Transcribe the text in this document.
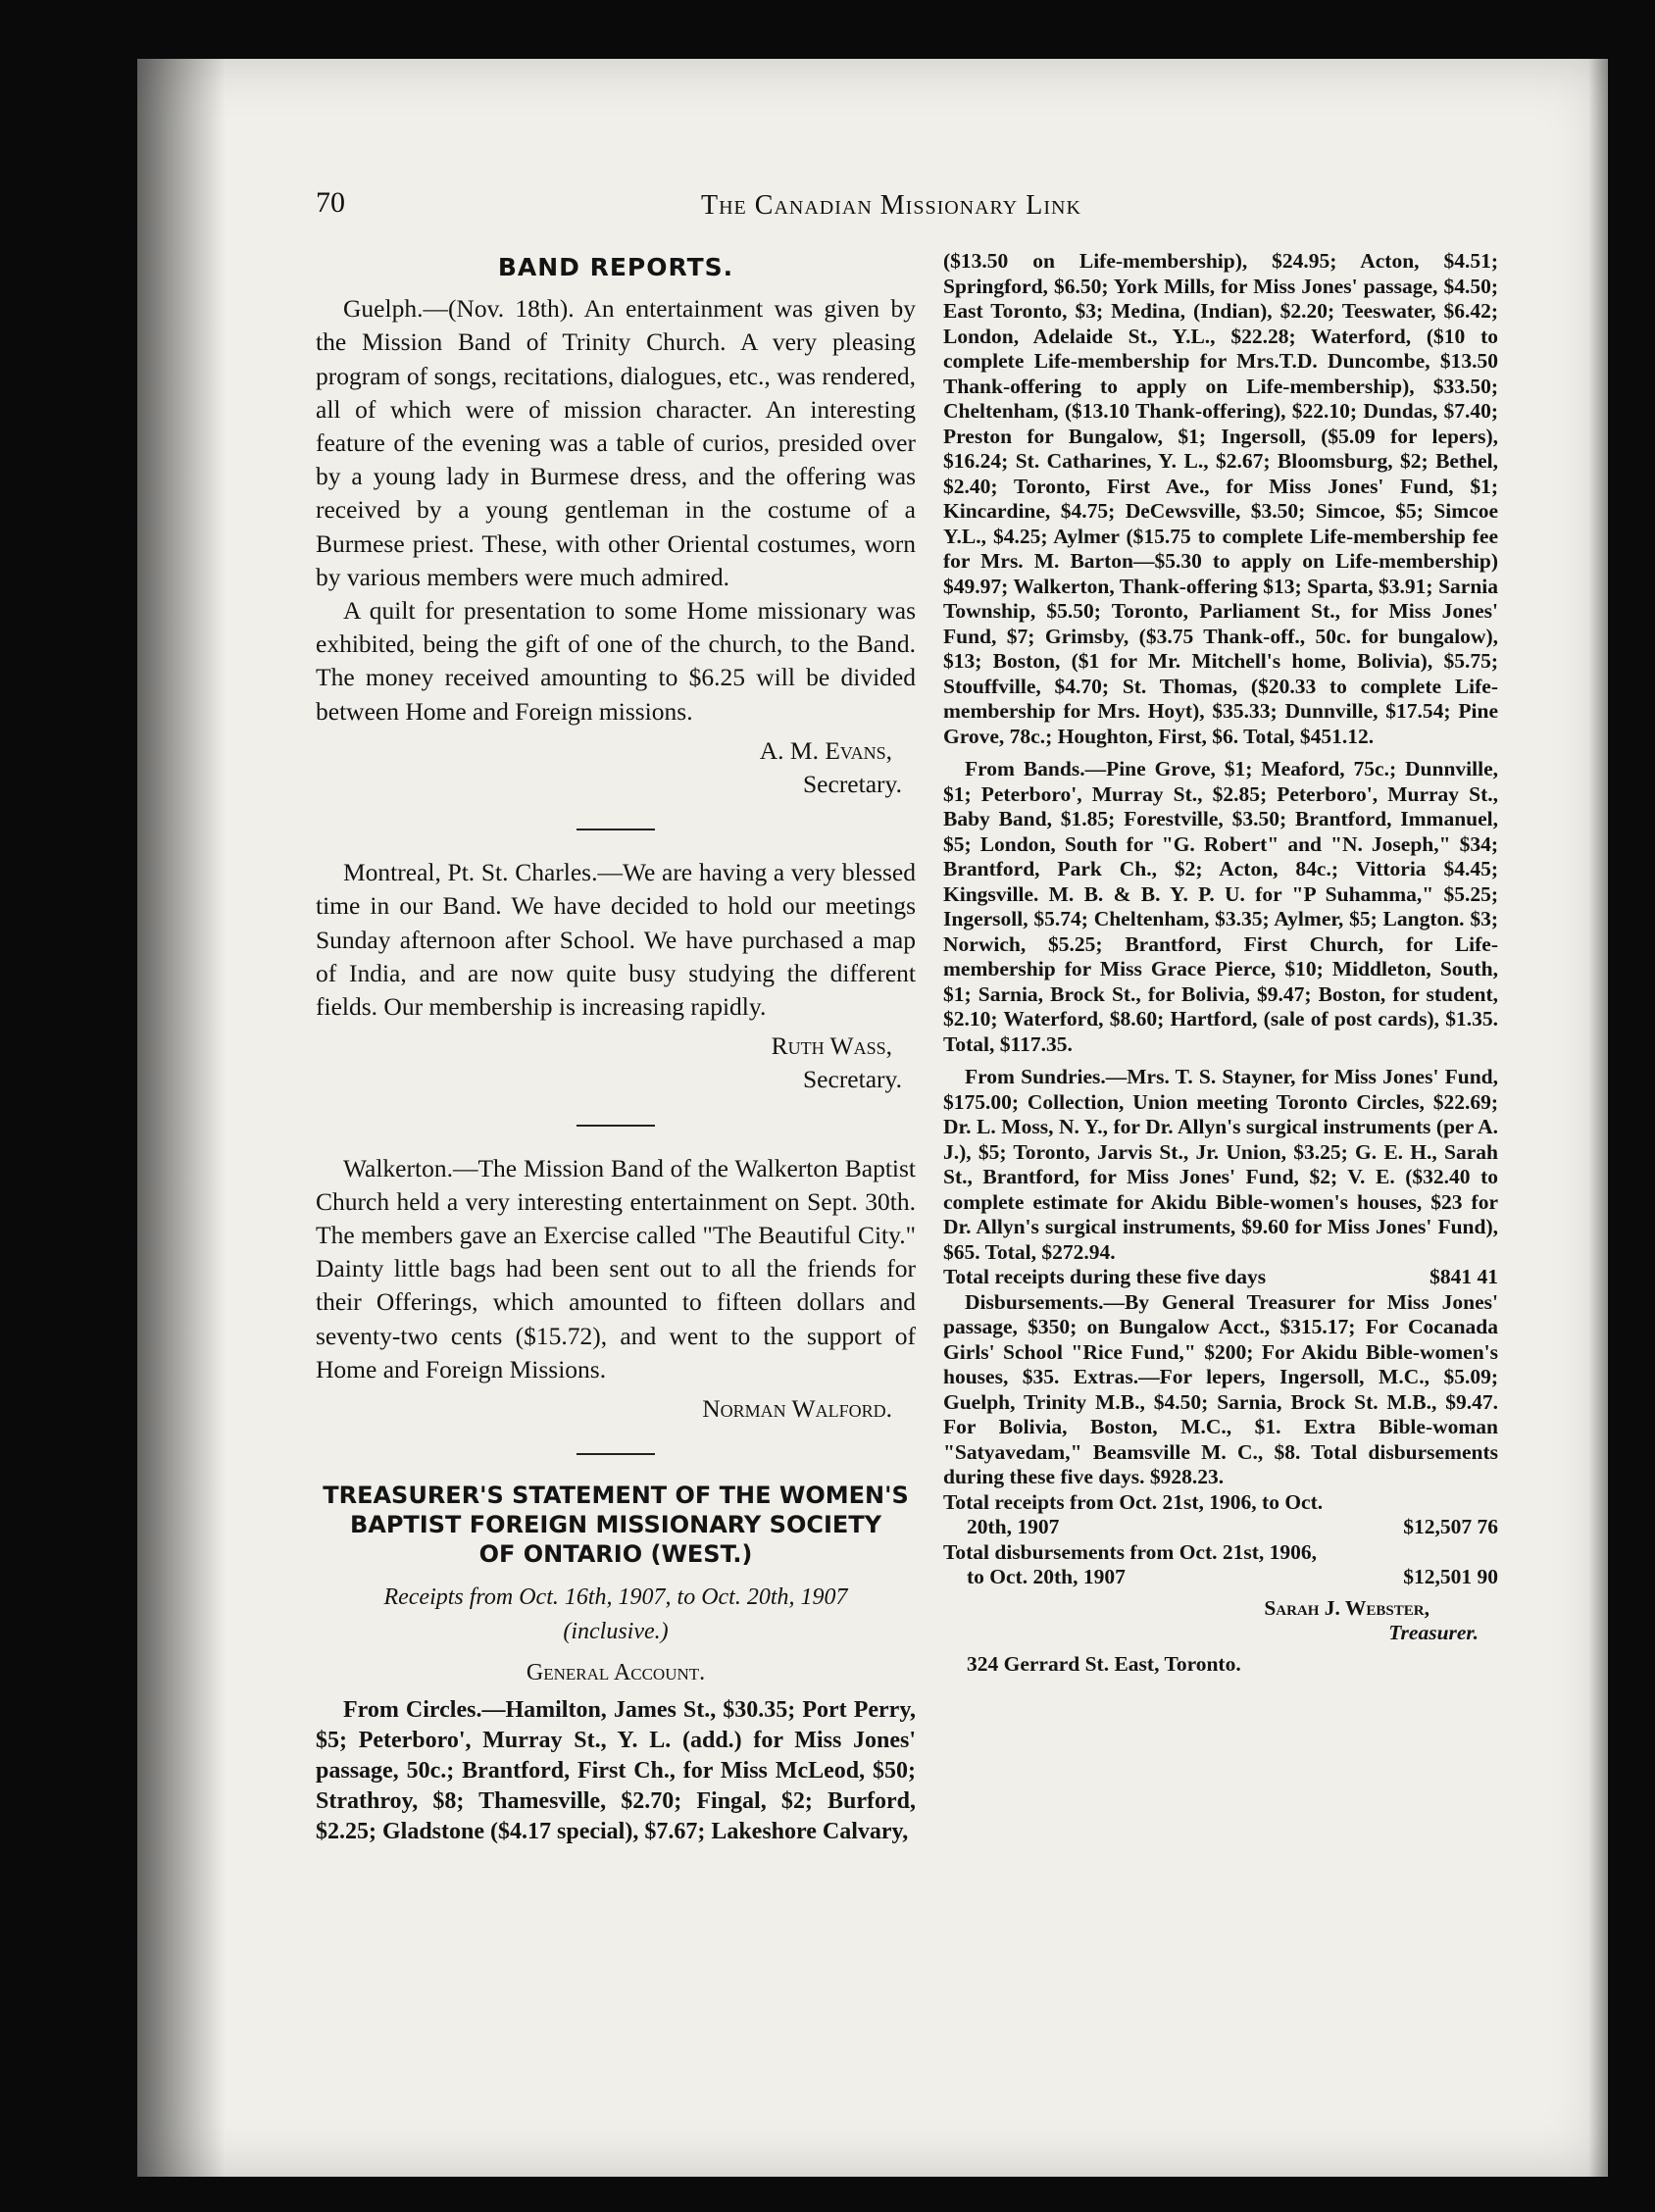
70	The Canadian Missionary Link
BAND REPORTS.

Guelph.—(Nov. 18th). An entertainment was given by the Mission Band of Trinity Church. A very pleasing program of songs, recitations, dialogues, etc., was rendered, all of which were of mission character. An interesting feature of the evening was a table of curios, presided over by a young lady in Burmese dress, and the offering was received by a young gentleman in the costume of a Burmese priest. These, with other Oriental costumes, worn by various members were much admired.

A quilt for presentation to some Home missionary was exhibited, being the gift of one of the church, to the Band. The money received amounting to $6.25 will be divided between Home and Foreign missions.

A. M. Evans,

Secretary.

Montreal, Pt. St. Charles.—We are having a very blessed time in our Band. We have decided to hold our meetings Sunday afternoon after School. We have purchased a map of India, and are now quite busy studying the different fields. Our membership is increasing rapidly.

Ruth Wass,

Secretary.

Walkerton.—The Mission Band of the Walkerton Baptist Church held a very interesting entertainment on Sept. 30th. The members gave an Exercise called "The Beautiful City." Dainty little bags had been sent out to all the friends for their Offerings, which amounted to fifteen dollars and seventy-two cents ($15.72), and went to the support of Home and Foreign Missions.

Norman Walford.

TREASURER'S STATEMENT OF THE WOMEN'S
BAPTIST FOREIGN MISSIONARY SOCIETY
OF ONTARIO (WEST.)

Receipts from Oct. 16th, 1907, to Oct. 20th, 1907

(inclusive.)

General Account.

From Circles.—Hamilton, James St., $30.35; Port Perry, $5; Peterboro', Murray St., Y. L. (add.) for Miss Jones' passage, 50c.; Brantford, First Ch., for Miss McLeod, $50; Strathroy, $8; Thamesville, $2.70; Fingal, $2; Burford, $2.25; Gladstone ($4.17 special), $7.67; Lakeshore Calvary,

($13.50 on Life-membership), $24.95; Acton, $4.51; Springford, $6.50; York Mills, for Miss Jones' passage, $4.50; East Toronto, $3; Medina, (Indian), $2.20; Teeswater, $6.42; London, Adelaide St., Y.L., $22.28; Waterford, ($10 to complete Life-membership for Mrs.T.D. Duncombe, $13.50 Thank-offering to apply on Life-membership), $33.50; Cheltenham, ($13.10 Thank-offering), $22.10; Dundas, $7.40; Preston for Bungalow, $1; Ingersoll, ($5.09 for lepers), $16.24; St. Catharines, Y. L., $2.67; Bloomsburg, $2; Bethel, $2.40; Toronto, First Ave., for Miss Jones' Fund, $1; Kincardine, $4.75; DeCewsville, $3.50; Simcoe, $5; Simcoe Y.L., $4.25; Aylmer ($15.75 to complete Life-membership fee for Mrs. M. Barton—$5.30 to apply on Life-membership) $49.97; Walkerton, Thank-offering $13; Sparta, $3.91; Sarnia Township, $5.50; Toronto, Parliament St., for Miss Jones' Fund, $7; Grimsby, ($3.75 Thank-off., 50c. for bungalow), $13; Boston, ($1 for Mr. Mitchell's home, Bolivia), $5.75; Stouffville, $4.70; St. Thomas, ($20.33 to complete Life-membership for Mrs. Hoyt), $35.33; Dunnville, $17.54; Pine Grove, 78c.; Houghton, First, $6. Total, $451.12.

From Bands.—Pine Grove, $1; Meaford, 75c.; Dunnville, $1; Peterboro', Murray St., $2.85; Peterboro', Murray St., Baby Band, $1.85; Forestville, $3.50; Brantford, Immanuel, $5; London, South for "G. Robert" and "N. Joseph," $34; Brantford, Park Ch., $2; Acton, 84c.; Vittoria $4.45; Kingsville. M. B. & B. Y. P. U. for "P Suhamma," $5.25; Ingersoll, $5.74; Cheltenham, $3.35; Aylmer, $5; Langton. $3; Norwich, $5.25; Brantford, First Church, for Life-membership for Miss Grace Pierce, $10; Middleton, South, $1; Sarnia, Brock St., for Bolivia, $9.47; Boston, for student, $2.10; Waterford, $8.60; Hartford, (sale of post cards), $1.35. Total, $117.35.

From Sundries.—Mrs. T. S. Stayner, for Miss Jones' Fund, $175.00; Collection, Union meeting Toronto Circles, $22.69; Dr. L. Moss, N. Y., for Dr. Allyn's surgical instruments (per A. J.), $5; Toronto, Jarvis St., Jr. Union, $3.25; G. E. H., Sarah St., Brantford, for Miss Jones' Fund, $2; V. E. ($32.40 to complete estimate for Akidu Bible-women's houses, $23 for Dr. Allyn's surgical instruments, $9.60 for Miss Jones' Fund), $65. Total, $272.94.

Total receipts during these five days	$841 41

Disbursements.—By General Treasurer for Miss Jones' passage, $350; on Bungalow Acct., $315.17; For Cocanada Girls' School "Rice Fund," $200; For Akidu Bible-women's houses, $35. Extras.—For lepers, Ingersoll, M.C., $5.09; Guelph, Trinity M.B., $4.50; Sarnia, Brock St. M.B., $9.47. For Bolivia, Boston, M.C., $1. Extra Bible-woman "Satyavedam," Beamsville M. C., $8. Total disbursements during these five days. $928.23.

Total receipts from Oct. 21st, 1906, to Oct.

20th, 1907	$12,507 76

Total disbursements from Oct. 21st, 1906,

to Oct. 20th, 1907	$12,501 90

Sarah J. Webster,

Treasurer.

324 Gerrard St. East, Toronto.
